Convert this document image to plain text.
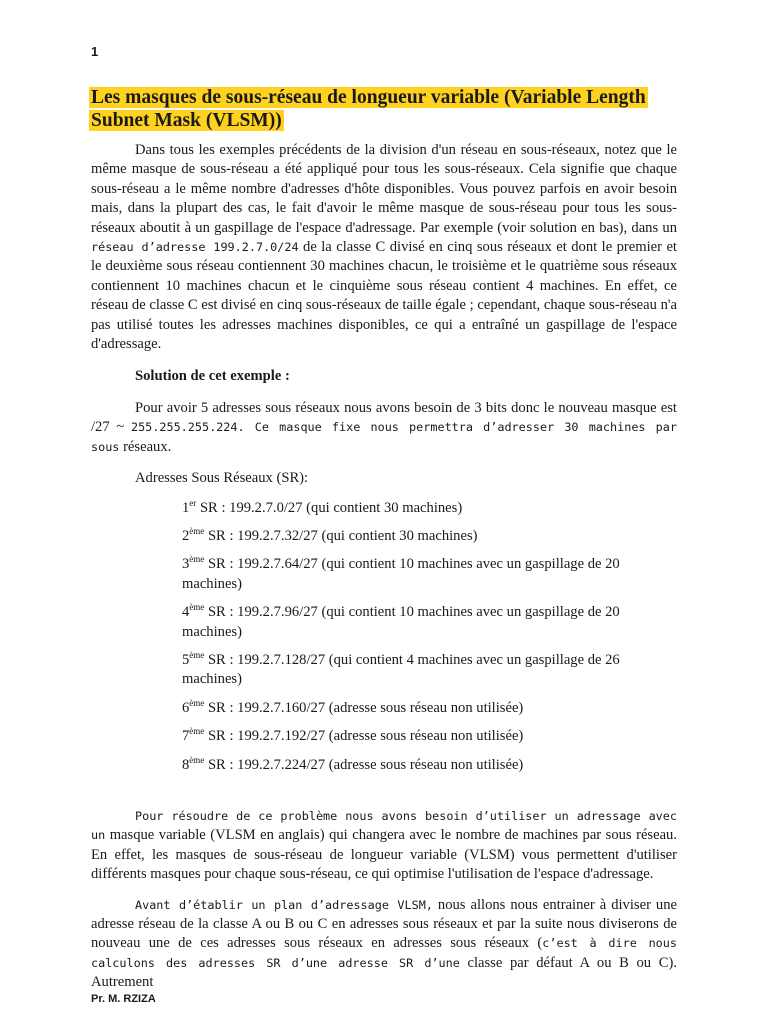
1
Les masques de sous-réseau de longueur variable (Variable Length Subnet Mask (VLSM))

Dans tous les exemples précédents de la division d'un réseau en sous-réseaux, notez que le même masque de sous-réseau a été appliqué pour tous les sous-réseaux. Cela signifie que chaque sous-réseau a le même nombre d'adresses d'hôte disponibles. Vous pouvez parfois en avoir besoin mais, dans la plupart des cas, le fait d'avoir le même masque de sous-réseau pour tous les sous-réseaux aboutit à un gaspillage de l'espace d'adressage. Par exemple (voir solution en bas), dans un réseau d’adresse 199.2.7.0/24 de la classe C divisé en cinq sous réseaux et dont le premier et le deuxième sous réseau contiennent 30 machines chacun, le troisième et le quatrième sous réseaux contiennent 10 machines chacun et le cinquième sous réseau contient 4 machines. En effet, ce réseau de classe C est divisé en cinq sous-réseaux de taille égale ; cependant, chaque sous-réseau n'a pas utilisé toutes les adresses machines disponibles, ce qui a entraîné un gaspillage de l'espace d'adressage.

Solution de cet exemple :

Pour avoir 5 adresses sous réseaux nous avons besoin de 3 bits donc le nouveau masque est /27 ~ 255.255.255.224. Ce masque fixe nous permettra d’adresser 30 machines par sous réseaux.

Adresses Sous Réseaux (SR):

1er SR : 199.2.7.0/27 (qui contient 30 machines)
2ème SR : 199.2.7.32/27 (qui contient 30 machines)
3ème SR : 199.2.7.64/27 (qui contient 10 machines avec un gaspillage de 20 machines)
4ème SR : 199.2.7.96/27 (qui contient 10 machines avec un gaspillage de 20 machines)
5ème SR : 199.2.7.128/27 (qui contient 4 machines avec un gaspillage de 26 machines)
6ème SR : 199.2.7.160/27 (adresse sous réseau non utilisée)
7ème SR : 199.2.7.192/27 (adresse sous réseau non utilisée)
8ème SR : 199.2.7.224/27 (adresse sous réseau non utilisée)

Pour résoudre de ce problème nous avons besoin d’utiliser un adressage avec un masque variable (VLSM en anglais) qui changera avec le nombre de machines par sous réseau. En effet, les masques de sous-réseau de longueur variable (VLSM) vous permettent d'utiliser différents masques pour chaque sous-réseau, ce qui optimise l'utilisation de l'espace d'adressage.

Avant d’établir un plan d’adressage VLSM, nous allons nous entrainer à diviser une adresse réseau de la classe A ou B ou C en adresses sous réseaux et par la suite nous diviserons de nouveau une de ces adresses sous réseaux en adresses sous réseaux (c’est à dire nous calculons des adresses SR d’une adresse SR d’une classe par défaut A ou B ou C). Autrement

Pr. M. RZIZA
